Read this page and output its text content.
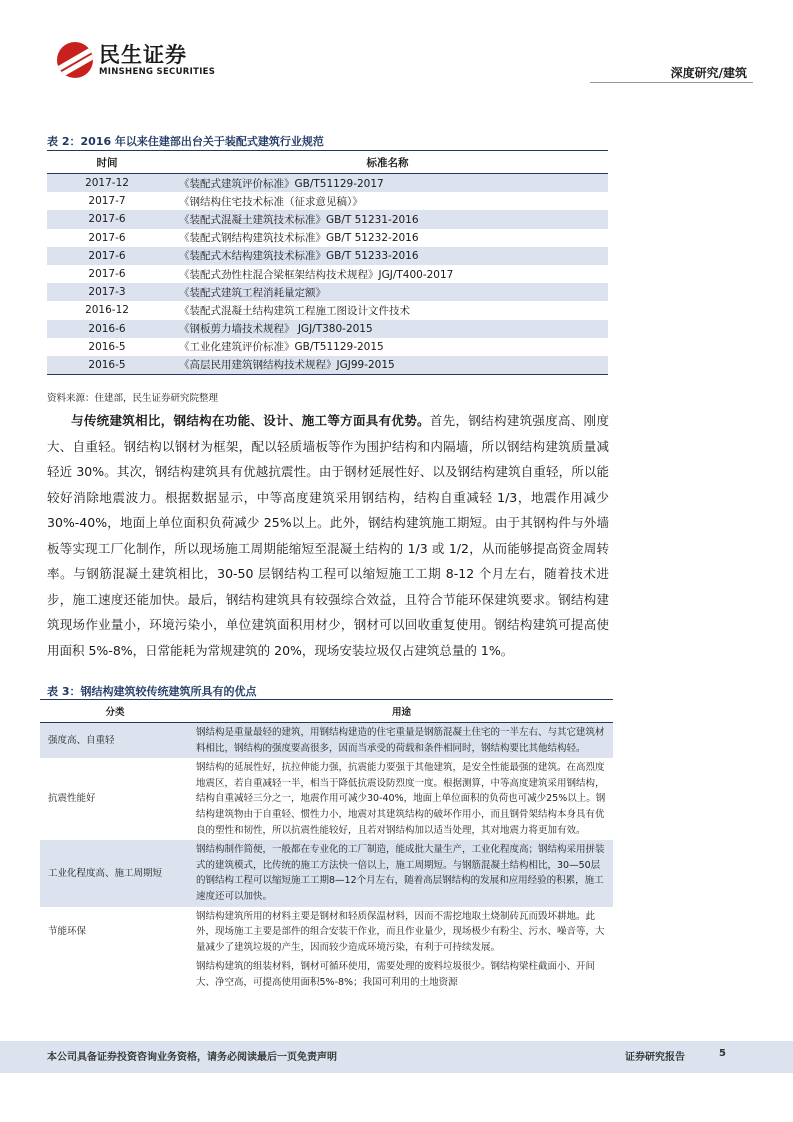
民生证券
MINSHENG SECURITIES	深度研究/建筑
表 2：2016 年以来住建部出台关于装配式建筑行业规范
时间	标准名称
2017-12	《装配式建筑评价标准》GB/T51129-2017
2017-7	《钢结构住宅技术标准（征求意见稿）》
2017-6	《装配式混凝土建筑技术标准》GB/T 51231-2016
2017-6	《装配式钢结构建筑技术标准》GB/T 51232-2016
2017-6	《装配式木结构建筑技术标准》GB/T 51233-2016
2017-6	《装配式劲性柱混合梁框架结构技术规程》JGJ/T400-2017
2017-3	《装配式建筑工程消耗量定额》
2016-12	《装配式混凝土结构建筑工程施工图设计文件技术
2016-6	《钢板剪力墙技术规程》 JGJ/T380-2015
2016-5	《工业化建筑评价标准》GB/T51129-2015
2016-5	《高层民用建筑钢结构技术规程》JGJ99-2015
资料来源：住建部，民生证券研究院整理

与传统建筑相比，钢结构在功能、设计、施工等方面具有优势。首先，钢结构建筑强度高、刚度大、自重轻。钢结构以钢材为框架，配以轻质墙板等作为围护结构和内隔墙，所以钢结构建筑质量减轻近 30%。其次，钢结构建筑具有优越抗震性。由于钢材延展性好、以及钢结构建筑自重轻，所以能较好消除地震波力。根据数据显示，中等高度建筑采用钢结构，结构自重减轻 1/3，地震作用减少 30%-40%，地面上单位面积负荷减少 25%以上。此外，钢结构建筑施工期短。由于其钢构件与外墙板等实现工厂化制作，所以现场施工周期能缩短至混凝土结构的 1/3 或 1/2，从而能够提高资金周转率。与钢筋混凝土建筑相比，30-50 层钢结构工程可以缩短施工工期 8-12 个月左右，随着技术进步，施工速度还能加快。最后，钢结构建筑具有较强综合效益，且符合节能环保建筑要求。钢结构建筑现场作业量小，环境污染小，单位建筑面积用材少，钢材可以回收重复使用。钢结构建筑可提高使用面积 5%-8%，日常能耗为常规建筑的 20%，现场安装垃圾仅占建筑总量的 1%。

表 3：钢结构建筑较传统建筑所具有的优点
分类	用途
强度高、自重轻	钢结构是重量最轻的建筑，用钢结构建造的住宅重量是钢筋混凝土住宅的一半左右、与其它建筑材料相比，钢结构的强度要高很多，因而当承受的荷载和条件相同时，钢结构要比其他结构轻。
抗震性能好	钢结构的延展性好，抗拉伸能力强，抗震能力要强于其他建筑，是安全性能最强的建筑。在高烈度地震区，若自重减轻一半，相当于降低抗震设防烈度一度。根据测算，中等高度建筑采用钢结构，结构自重减轻三分之一，地震作用可减少30-40%，地面上单位面积的负荷也可减少25%以上。钢结构建筑物由于自重轻、惯性力小，地震对其建筑结构的破坏作用小，而且钢骨架结构本身具有优良的塑性和韧性，所以抗震性能较好，且若对钢结构加以适当处理，其对地震力将更加有效。
工业化程度高、施工周期短	钢结构制作简便，一般都在专业化的工厂制造，能成批大量生产，工业化程度高；钢结构采用拼装式的建筑模式，比传统的施工方法快一倍以上，施工周期短。与钢筋混凝土结构相比，30—50层的钢结构工程可以缩短施工工期8—12个月左右，随着高层钢结构的发展和应用经验的积累，施工速度还可以加快。
节能环保	钢结构建筑所用的材料主要是钢材和轻质保温材料，因而不需挖地取土烧制砖瓦而毁坏耕地。此外，现场施工主要是部件的组合安装干作业，而且作业量少，现场极少有粉尘、污水、噪音等，大量减少了建筑垃圾的产生，因而较少造成环境污染，有利于可持续发展。
	钢结构建筑的组装材料，钢材可循环使用，需要处理的废料垃圾很少。钢结构梁柱截面小、开间大、净空高，可提高使用面积5%-8%；我国可利用的土地资源
本公司具备证券投资咨询业务资格，请务必阅读最后一页免责声明	证券研究报告	5
